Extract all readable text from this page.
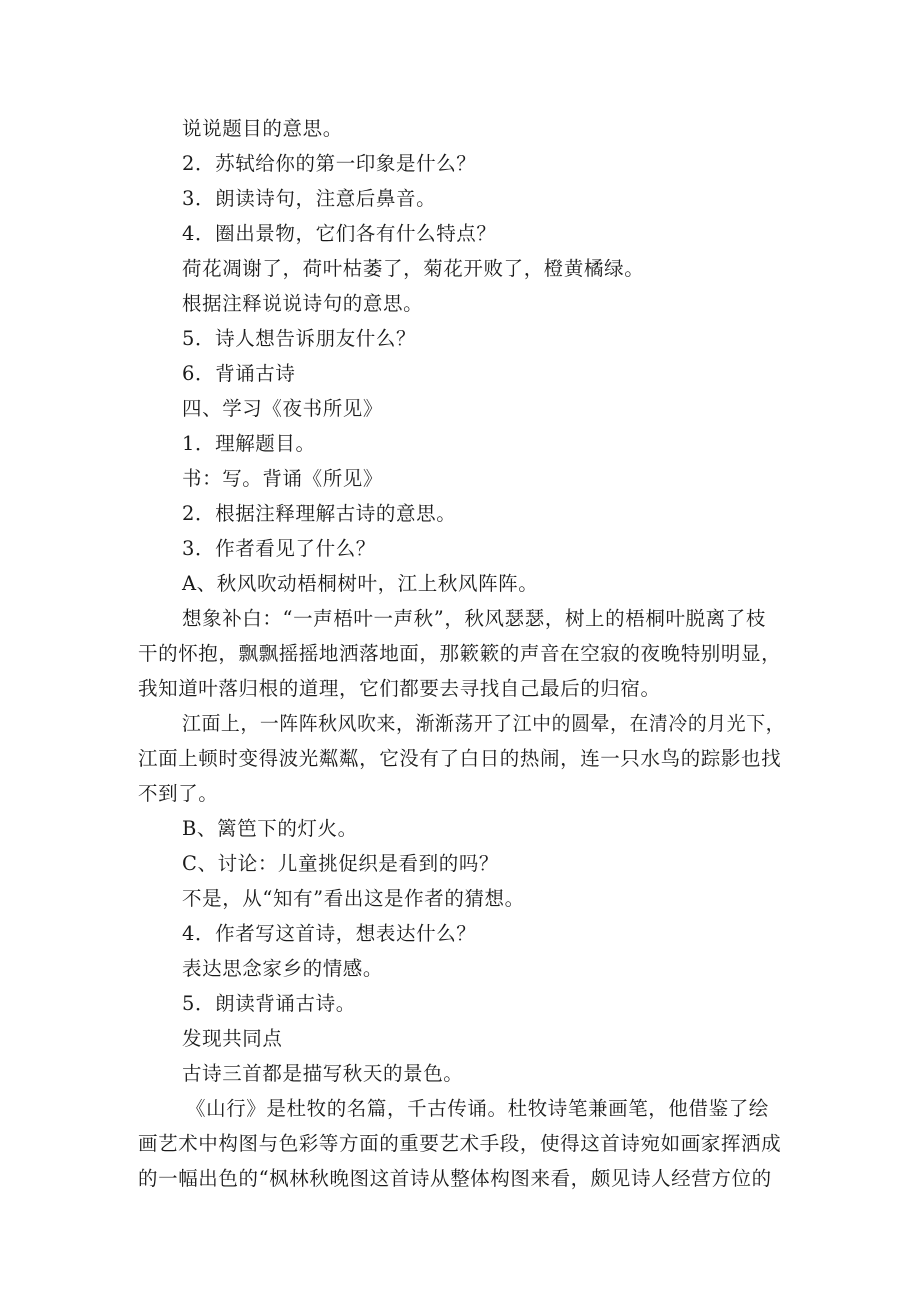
说说题目的意思。
2．苏轼给你的第一印象是什么？
3．朗读诗句，注意后鼻音。
4．圈出景物，它们各有什么特点？
荷花凋谢了，荷叶枯萎了，菊花开败了，橙黄橘绿。
根据注释说说诗句的意思。
5．诗人想告诉朋友什么？
6．背诵古诗
四、学习《夜书所见》
1．理解题目。
书：写。背诵《所见》
2．根据注释理解古诗的意思。
3．作者看见了什么？
A、秋风吹动梧桐树叶，江上秋风阵阵。
想象补白：“一声梧叶一声秋”，秋风瑟瑟，树上的梧桐叶脱离了枝
干的怀抱，飘飘摇摇地洒落地面，那簌簌的声音在空寂的夜晚特别明显，
我知道叶落归根的道理，它们都要去寻找自己最后的归宿。
江面上，一阵阵秋风吹来，渐渐荡开了江中的圆晕，在清冷的月光下，
江面上顿时变得波光粼粼，它没有了白日的热闹，连一只水鸟的踪影也找
不到了。
B、篱笆下的灯火。
C、讨论：儿童挑促织是看到的吗？
不是，从“知有”看出这是作者的猜想。
4．作者写这首诗，想表达什么？
表达思念家乡的情感。
5．朗读背诵古诗。
发现共同点
古诗三首都是描写秋天的景色。
《山行》是杜牧的名篇，千古传诵。杜牧诗笔兼画笔，他借鉴了绘
画艺术中构图与色彩等方面的重要艺术手段，使得这首诗宛如画家挥洒成
的一幅出色的“枫林秋晚图这首诗从整体构图来看，颇见诗人经营方位的
